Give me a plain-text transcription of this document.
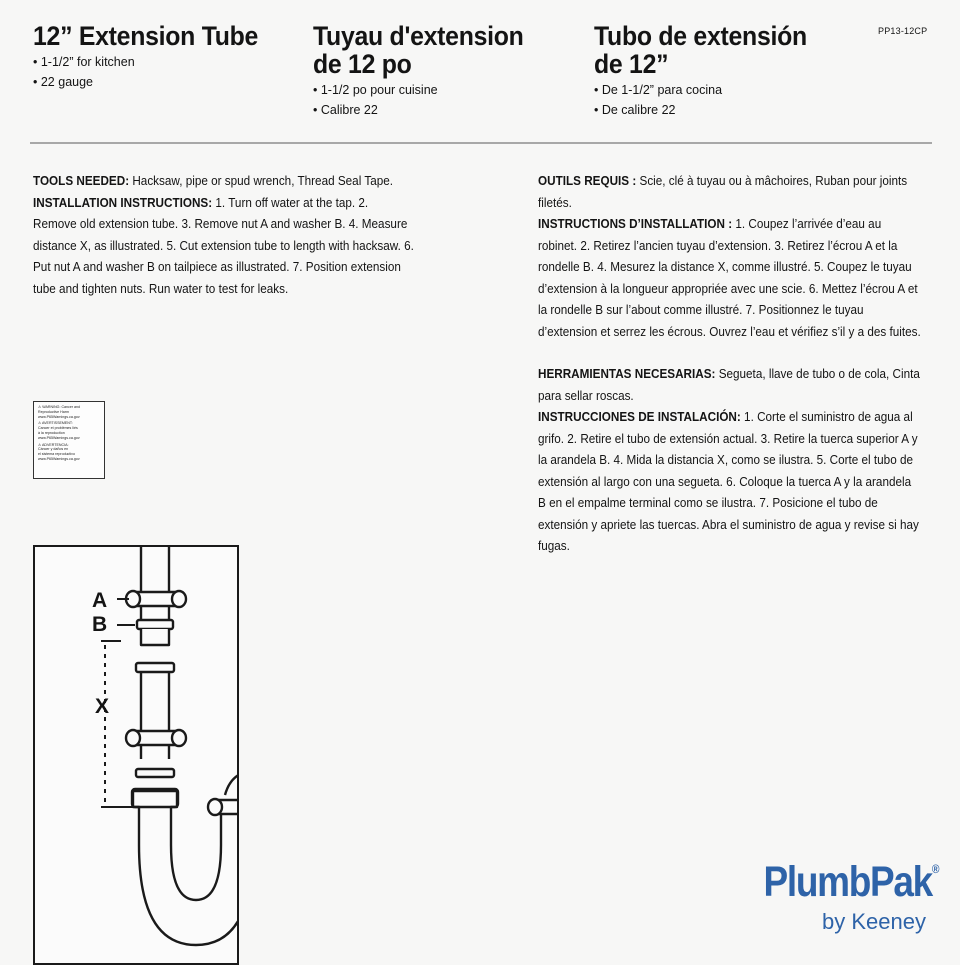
12” Extension Tube
• 1-1/2” for kitchen
• 22 gauge
Tuyau d'extension
de 12 po
• 1-1/2 po pour cuisine
• Calibre 22
Tubo de extensión
de 12”
• De 1-1/2” para cocina
• De calibre 22
PP13-12CP

TOOLS NEEDED: Hacksaw, pipe or spud wrench, Thread Seal Tape.

INSTALLATION INSTRUCTIONS: 1. Turn off water at the tap. 2. Remove old extension tube. 3. Remove nut A and washer B. 4. Measure distance X, as illustrated. 5. Cut extension tube to length with hacksaw. 6. Put nut A and washer B on tailpiece as illustrated. 7. Position extension tube and tighten nuts. Run water to test for leaks.

OUTILS REQUIS : Scie, clé à tuyau ou à mâchoires, Ruban pour joints filetés.

INSTRUCTIONS D’INSTALLATION : 1. Coupez l’arrivée d’eau au robinet. 2. Retirez l’ancien tuyau d’extension. 3. Retirez l’écrou A et la rondelle B. 4. Mesurez la distance X, comme illustré. 5. Coupez le tuyau d’extension à la longueur appropriée avec une scie. 6. Mettez l’écrou A et la rondelle B sur l’about comme illustré. 7. Positionnez le tuyau d’extension et serrez les écrous. Ouvrez l’eau et vérifiez s’il y a des fuites.

HERRAMIENTAS NECESARIAS: Segueta, llave de tubo o de cola, Cinta para sellar roscas.

INSTRUCCIONES DE INSTALACIÓN: 1. Corte el suministro de agua al grifo. 2. Retire el tubo de extensión actual. 3. Retire la tuerca superior A y la arandela B. 4. Mida la distancia X, como se ilustra. 5. Corte el tubo de extensión al largo con una segueta. 6. Coloque la tuerca A y la arandela B en el empalme terminal como se ilustra. 7. Posicione el tubo de extensión y apriete las tuercas. Abra el suministro de agua y revise si hay fugas.

⚠ WARNING: Cancer and
Reproductive Harm
www.P65Warnings.ca.gov
⚠ AVERTISSEMENT:
Cancer et problèmes liés
à la reproduction
www.P65Warnings.ca.gov
⚠ ADVERTENCIA:
Cáncer y daños en
el sistema reproductivo
www.P65Warnings.ca.gov
A
B
X
PlumbPak®
by Keeney
